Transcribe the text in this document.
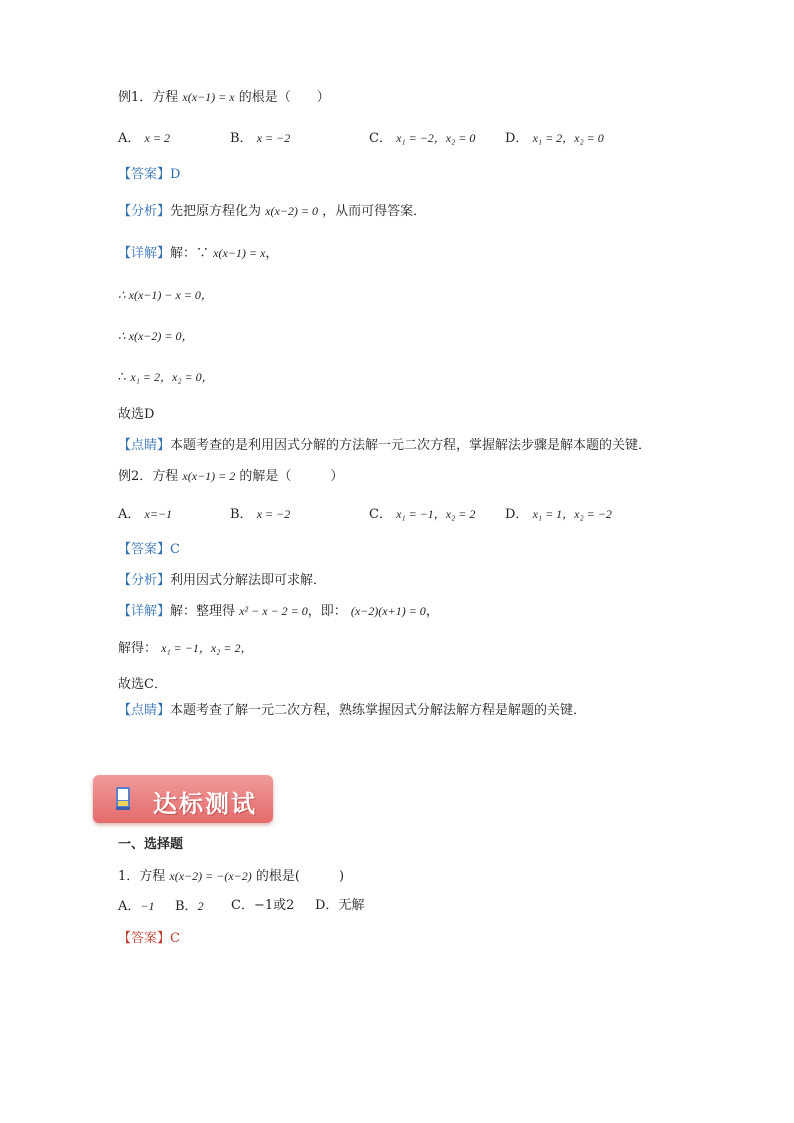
例1．方程 x(x−1) = x 的根是（　　）
A． x = 2	B． x = −2	C． x₁ = −2，x₂ = 0 D． x₁ = 2，x₂ = 0
【答案】D
【分析】先把原方程化为 x(x−2) = 0 ，从而可得答案．
【详解】解：∵ x(x−1) = x，
∴ x(x−1) − x = 0，
∴ x(x−2) = 0，
∴ x₁ = 2，x₂ = 0，
故选D
【点睛】本题考查的是利用因式分解的方法解一元二次方程，掌握解法步骤是解本题的关键．
例2．方程 x(x−1) = 2 的解是（　　　）
A． x=−1	B． x = −2	C． x₁ = −1，x₂ = 2 D． x₁ = 1，x₂ = −2
【答案】C
【分析】利用因式分解法即可求解．
【详解】解：整理得 x² − x − 2 = 0，即： (x−2)(x+1) = 0，
解得： x₁ = −1，x₂ = 2，
故选C．
【点睛】本题考查了解一元二次方程，熟练掌握因式分解法解方程是解题的关键．
达标测试
一、选择题
1．方程 x(x−2) = −(x−2) 的根是(　　　)
A．−1 B．2 C．−1或2 D．无解
【答案】C
